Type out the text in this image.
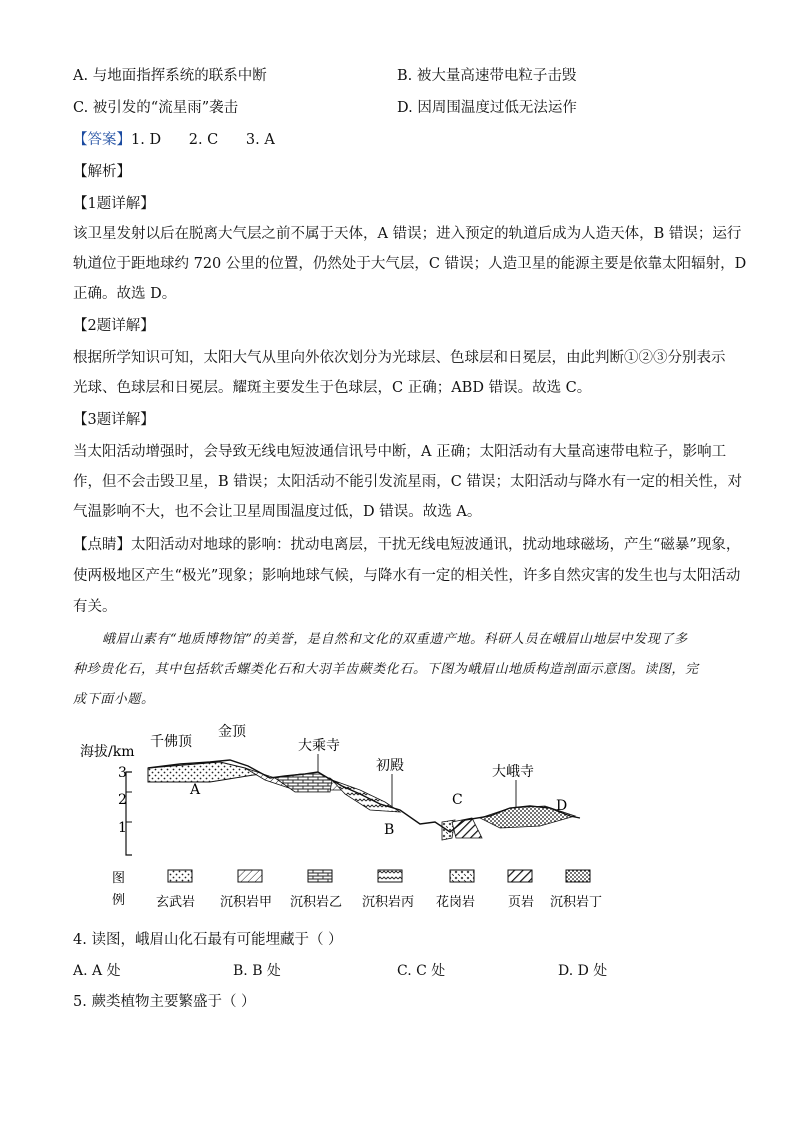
A. 与地面指挥系统的联系中断	B. 被大量高速带电粒子击毁
C. 被引发的“流星雨”袭击	D. 因周围温度过低无法运作
【答案】1. D      2. C      3. A
【解析】
【1题详解】
该卫星发射以后在脱离大气层之前不属于天体，A 错误；进入预定的轨道后成为人造天体，B 错误；运行
轨道位于距地球约 720 公里的位置，仍然处于大气层，C 错误；人造卫星的能源主要是依靠太阳辐射，D
正确。故选 D。
【2题详解】
根据所学知识可知，太阳大气从里向外依次划分为光球层、色球层和日冕层，由此判断①②③分别表示
光球、色球层和日冕层。耀斑主要发生于色球层，C 正确；ABD 错误。故选 C。
【3题详解】
当太阳活动增强时，会导致无线电短波通信讯号中断，A 正确；太阳活动有大量高速带电粒子，影响工
作，但不会击毁卫星，B 错误；太阳活动不能引发流星雨，C 错误；太阳活动与降水有一定的相关性，对
气温影响不大，也不会让卫星周围温度过低，D 错误。故选 A。
【点睛】太阳活动对地球的影响：扰动电离层，干扰无线电短波通讯，扰动地球磁场，产生“磁暴”现象，
使两极地区产生“极光”现象；影响地球气候，与降水有一定的相关性，许多自然灾害的发生也与太阳活动
有关。
峨眉山素有“地质博物馆”的美誉，是自然和文化的双重遗产地。科研人员在峨眉山地层中发现了多
种珍贵化石，其中包括软舌螺类化石和大羽羊齿蕨类化石。下图为峨眉山地质构造剖面示意图。读图，完
成下面小题。
海拔/km
3
2
1
千佛顶
金顶
大乘寺
初殿	大峨寺
A
B
C	D
图
例 玄武岩 沉积岩甲 沉积岩乙 沉积岩丙 花岗岩	页岩 沉积岩丁
4. 读图，峨眉山化石最有可能埋藏于（ ）
A. A 处	B. B 处	C. C 处	D. D 处
5. 蕨类植物主要繁盛于（ ）
